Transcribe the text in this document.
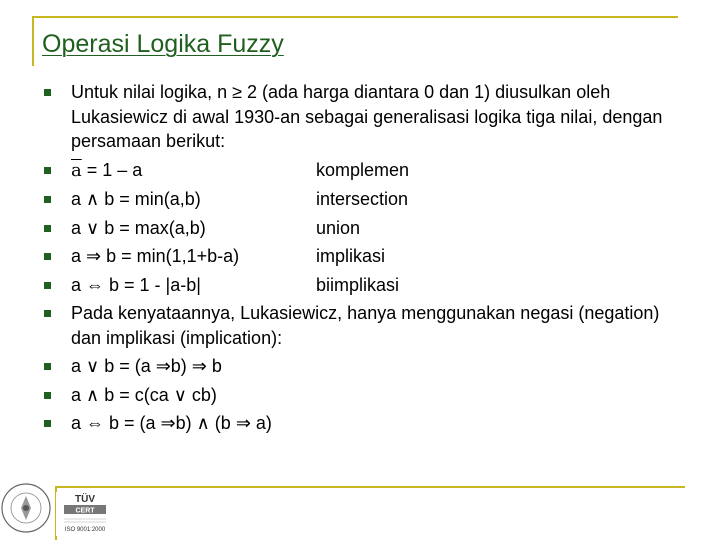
Operasi Logika Fuzzy
Untuk nilai logika, n ≥ 2 (ada harga diantara 0 dan 1) diusulkan oleh Lukasiewicz di awal 1930-an sebagai generalisasi logika tiga nilai, dengan persamaan berikut:
$\overline{a} = 1 - a$	komplemen
a ∧ b = min(a,b)	intersection
a ∨ b = max(a,b)	union
a ⇒ b = min(1,1+b-a)	implikasi
a ⇔ b = 1 - |a-b|	biimplikasi
Pada kenyataannya, Lukasiewicz, hanya menggunakan negasi (negation) dan implikasi (implication):
a ∨ b = (a ⇒b) ⇒ b
a ∧ b = c(ca ∨ cb)
a ⇔ b = (a ⇒b) ∧ (b ⇒ a)
TÜV
CERT
ISO 9001:2000
